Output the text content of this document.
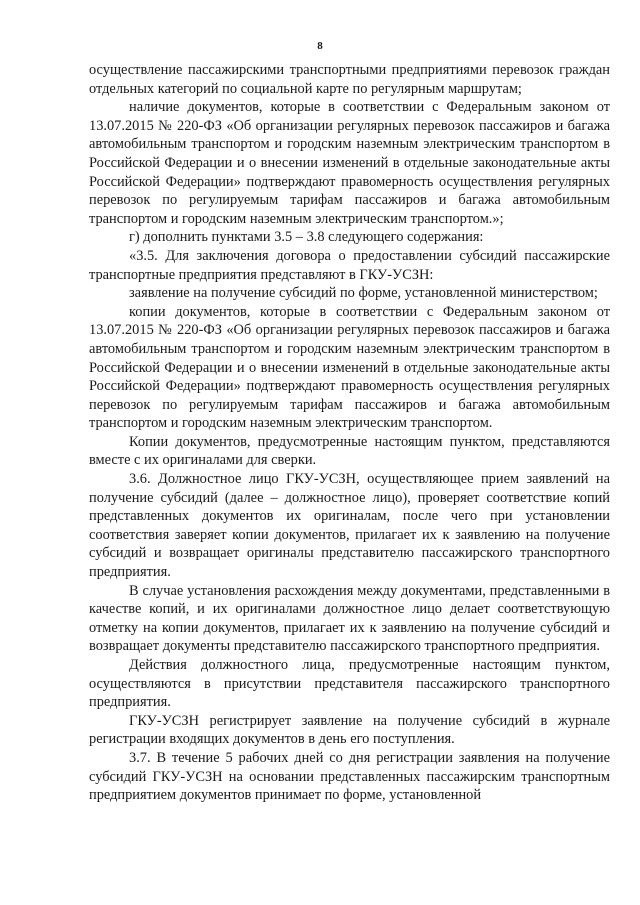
8

осуществление пассажирскими транспортными предприятиями перевозок граждан отдельных категорий по социальной карте по регулярным маршрутам;

наличие документов, которые в соответствии с Федеральным законом от 13.07.2015 № 220-ФЗ «Об организации регулярных перевозок пассажиров и багажа автомобильным транспортом и городским наземным электрическим транспортом в Российской Федерации и о внесении изменений в отдельные законодательные акты Российской Федерации» подтверждают правомерность осуществления регулярных перевозок по регулируемым тарифам пассажиров и багажа автомобильным транспортом и городским наземным электрическим транспортом.»;

г) дополнить пунктами 3.5 – 3.8 следующего содержания:

«3.5. Для заключения договора о предоставлении субсидий пассажирские транспортные предприятия представляют в ГКУ-УСЗН:

заявление на получение субсидий по форме, установленной министерством;

копии документов, которые в соответствии с Федеральным законом от 13.07.2015 № 220-ФЗ «Об организации регулярных перевозок пассажиров и багажа автомобильным транспортом и городским наземным электрическим транспортом в Российской Федерации и о внесении изменений в отдельные законодательные акты Российской Федерации» подтверждают правомерность осуществления регулярных перевозок по регулируемым тарифам пассажиров и багажа автомобильным транспортом и городским наземным электрическим транспортом.

Копии документов, предусмотренные настоящим пунктом, представляются вместе с их оригиналами для сверки.

3.6. Должностное лицо ГКУ-УСЗН, осуществляющее прием заявлений на получение субсидий (далее – должностное лицо), проверяет соответствие копий представленных документов их оригиналам, после чего при установлении соответствия заверяет копии документов, прилагает их к заявлению на получение субсидий и возвращает оригиналы представителю пассажирского транспортного предприятия.

В случае установления расхождения между документами, представленными в качестве копий, и их оригиналами должностное лицо делает соответствующую отметку на копии документов, прилагает их к заявлению на получение субсидий и возвращает документы представителю пассажирского транспортного предприятия.

Действия должностного лица, предусмотренные настоящим пунктом, осуществляются в присутствии представителя пассажирского транспортного предприятия.

ГКУ-УСЗН регистрирует заявление на получение субсидий в журнале регистрации входящих документов в день его поступления.

3.7. В течение 5 рабочих дней со дня регистрации заявления на получение субсидий ГКУ-УСЗН на основании представленных пассажирским транспортным предприятием документов принимает по форме, установленной
